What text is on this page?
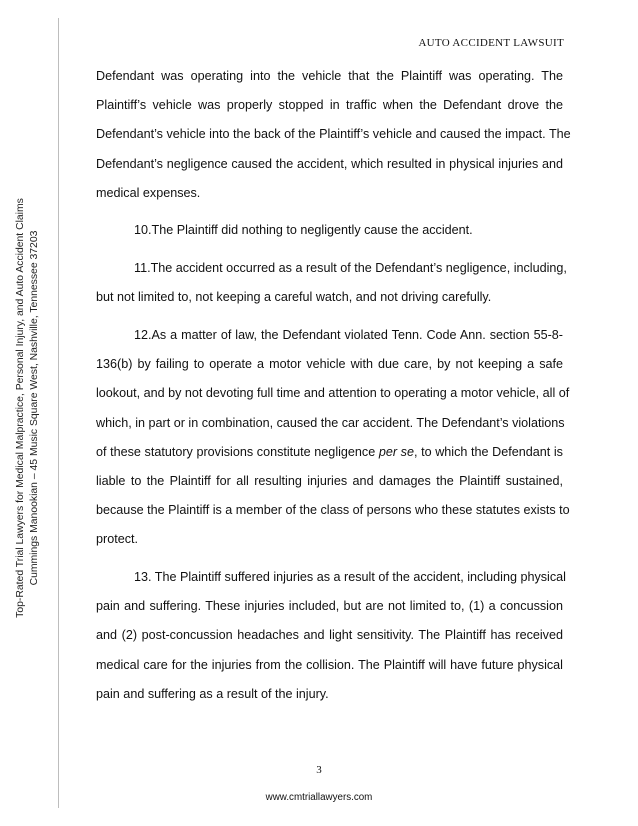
Top-Rated Trial Lawyers for Medical Malpractice, Personal Injury, and Auto Accident Claims Cummings Manookian – 45 Music Square West, Nashville, Tennessee 37203
AUTO ACCIDENT LAWSUIT
Defendant was operating into the vehicle that the Plaintiff was operating. The
Plaintiff’s vehicle was properly stopped in traffic when the Defendant drove the
Defendant’s vehicle into the back of the Plaintiff’s vehicle and caused the impact. The
Defendant’s negligence caused the accident, which resulted in physical injuries and
medical expenses.
10.The Plaintiff did nothing to negligently cause the accident.
11.The accident occurred as a result of the Defendant’s negligence, including,
but not limited to, not keeping a careful watch, and not driving carefully.
12.As a matter of law, the Defendant violated Tenn. Code Ann. section 55-8-
136(b) by failing to operate a motor vehicle with due care, by not keeping a safe
lookout, and by not devoting full time and attention to operating a motor vehicle, all of
which, in part or in combination, caused the car accident. The Defendant’s violations
of these statutory provisions constitute negligence per se, to which the Defendant is
liable to the Plaintiff for all resulting injuries and damages the Plaintiff sustained,
because the Plaintiff is a member of the class of persons who these statutes exists to
protect.
13. The Plaintiff suffered injuries as a result of the accident, including physical
pain and suffering. These injuries included, but are not limited to, (1) a concussion
and (2) post-concussion headaches and light sensitivity. The Plaintiff has received
medical care for the injuries from the collision. The Plaintiff will have future physical
pain and suffering as a result of the injury.
3
www.cmtriallawyers.com
